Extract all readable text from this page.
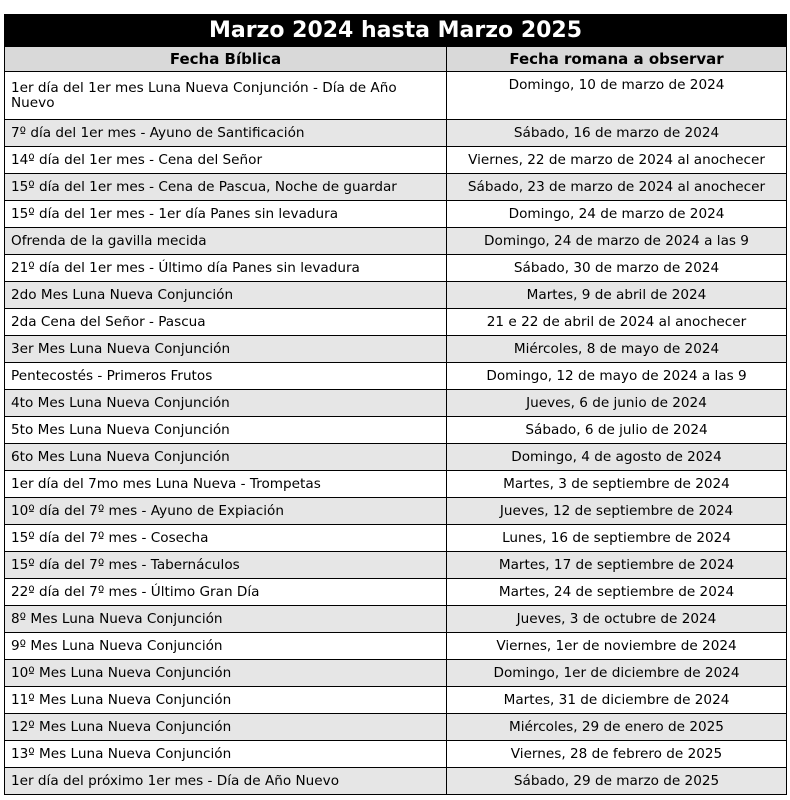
Marzo 2024 hasta Marzo 2025	
Fecha Bíblica	Fecha romana a observar
1er día del 1er mes Luna Nueva Conjunción - Día de Año Nuevo	Domingo, 10 de marzo de 2024
7º día del 1er mes - Ayuno de Santificación	Sábado, 16 de marzo de 2024
14º día del 1er mes - Cena del Señor	Viernes, 22 de marzo de 2024 al anochecer
15º día del 1er mes - Cena de Pascua, Noche de guardar	Sábado, 23 de marzo de 2024 al anochecer
15º día del 1er mes - 1er día Panes sin levadura	Domingo, 24 de marzo de 2024
Ofrenda de la gavilla mecida	Domingo, 24 de marzo de 2024 a las 9
21º día del 1er mes - Último día Panes sin levadura	Sábado, 30 de marzo de 2024
2do Mes Luna Nueva Conjunción	Martes, 9 de abril de 2024
2da Cena del Señor - Pascua	21 e 22 de abril de 2024 al anochecer
3er Mes Luna Nueva Conjunción	Miércoles, 8 de mayo de 2024
Pentecostés - Primeros Frutos	Domingo, 12 de mayo de 2024 a las 9
4to Mes Luna Nueva Conjunción	Jueves, 6 de junio de 2024
5to Mes Luna Nueva Conjunción	Sábado, 6 de julio de 2024
6to Mes Luna Nueva Conjunción	Domingo, 4 de agosto de 2024
1er día del 7mo mes Luna Nueva - Trompetas	Martes, 3 de septiembre de 2024
10º día del 7º mes - Ayuno de Expiación	Jueves, 12 de septiembre de 2024
15º día del 7º mes - Cosecha	Lunes, 16 de septiembre de 2024
15º día del 7º mes - Tabernáculos	Martes, 17 de septiembre de 2024
22º día del 7º mes - Último Gran Día	Martes, 24 de septiembre de 2024
8º Mes Luna Nueva Conjunción	Jueves, 3 de octubre de 2024
9º Mes Luna Nueva Conjunción	Viernes, 1er de noviembre de 2024
10º Mes Luna Nueva Conjunción	Domingo, 1er de diciembre de 2024
11º Mes Luna Nueva Conjunción	Martes, 31 de diciembre de 2024
12º Mes Luna Nueva Conjunción	Miércoles, 29 de enero de 2025
13º Mes Luna Nueva Conjunción	Viernes, 28 de febrero de 2025
1er día del próximo 1er mes - Día de Año Nuevo	Sábado, 29 de marzo de 2025
